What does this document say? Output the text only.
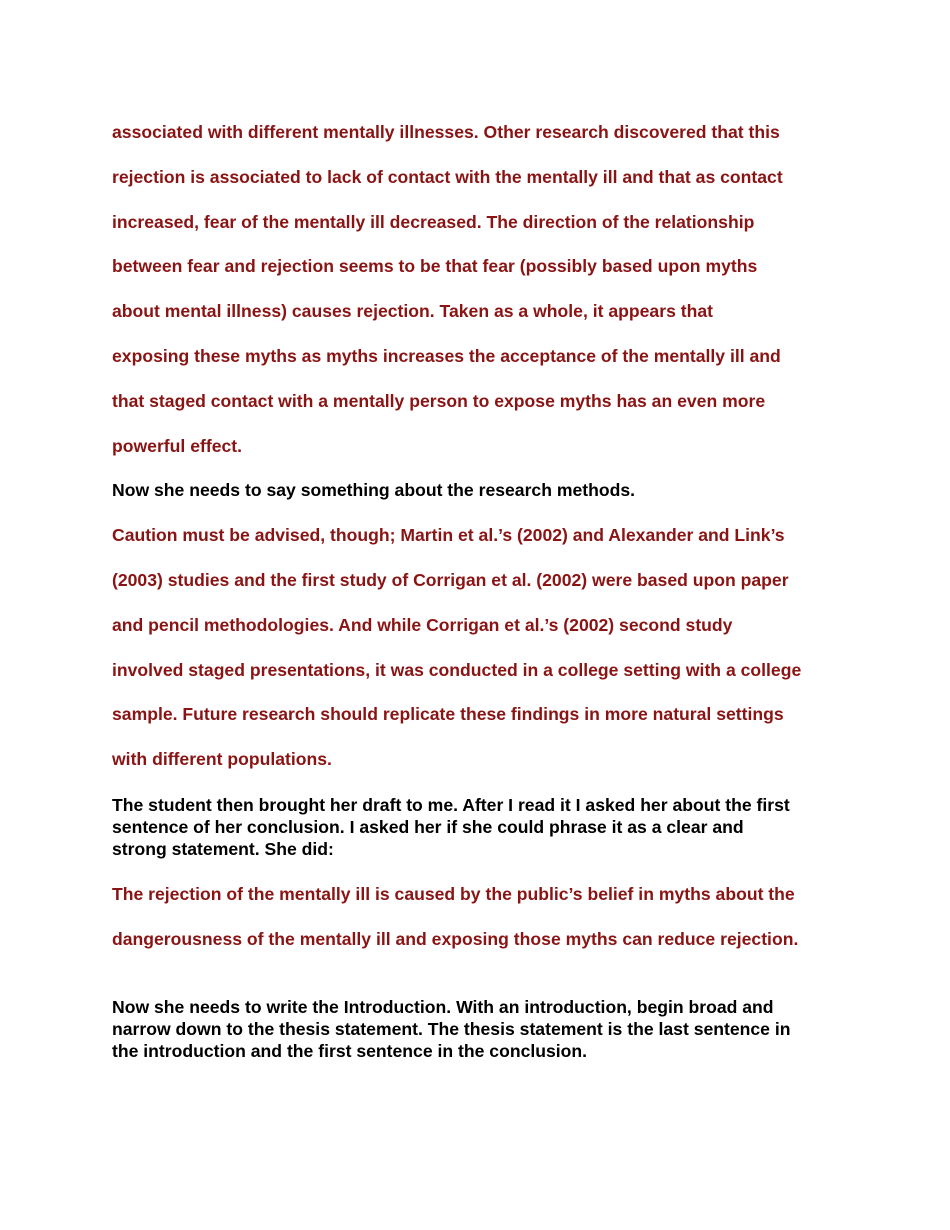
associated with different mentally illnesses. Other research discovered that this
rejection is associated to lack of contact with the mentally ill and that as contact
increased, fear of the mentally ill decreased. The direction of the relationship
between fear and rejection seems to be that fear (possibly based upon myths
about mental illness) causes rejection. Taken as a whole, it appears that
exposing these myths as myths increases the acceptance of the mentally ill and
that staged contact with a mentally person to expose myths has an even more
powerful effect.
Now she needs to say something about the research methods.
Caution must be advised, though; Martin et al.’s (2002) and Alexander and Link’s
(2003) studies and the first study of Corrigan et al. (2002) were based upon paper
and pencil methodologies. And while Corrigan et al.’s (2002) second study
involved staged presentations, it was conducted in a college setting with a college
sample. Future research should replicate these findings in more natural settings
with different populations.
The student then brought her draft to me. After I read it I asked her about the first
sentence of her conclusion. I asked her if she could phrase it as a clear and
strong statement. She did:
The rejection of the mentally ill is caused by the public’s belief in myths about the
dangerousness of the mentally ill and exposing those myths can reduce rejection.
Now she needs to write the Introduction. With an introduction, begin broad and
narrow down to the thesis statement. The thesis statement is the last sentence in
the introduction and the first sentence in the conclusion.
